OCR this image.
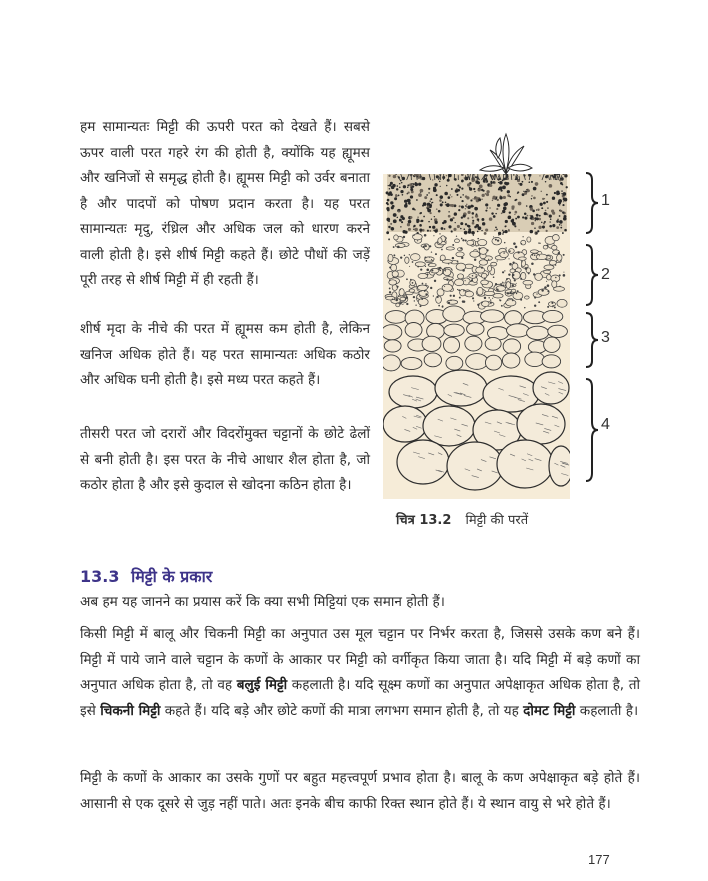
हम सामान्यतः मिट्टी की ऊपरी परत को देखते हैं। सबसे ऊपर वाली परत गहरे रंग की होती है, क्योंकि यह ह्यूमस और खनिजों से समृद्ध होती है। ह्यूमस मिट्टी को उर्वर बनाता है और पादपों को पोषण प्रदान करता है। यह परत सामान्यतः मृदु, रंध्रिल और अधिक जल को धारण करने वाली होती है। इसे शीर्ष मिट्टी कहते हैं। छोटे पौधों की जड़ें पूरी तरह से शीर्ष मिट्टी में ही रहती हैं।

शीर्ष मृदा के नीचे की परत में ह्यूमस कम होती है, लेकिन खनिज अधिक होते हैं। यह परत सामान्यतः अधिक कठोर और अधिक घनी होती है। इसे मध्य परत कहते हैं।

तीसरी परत जो दरारों और विदरोंमुक्त चट्टानों के छोटे ढेलों से बनी होती है। इस परत के नीचे आधार शैल होता है, जो कठोर होता है और इसे कुदाल से खोदना कठिन होता है।

1
2
3
4
चित्र 13.2 मिट्टी की परतें
13.3 मिट्टी के प्रकार

अब हम यह जानने का प्रयास करें कि क्या सभी मिट्टियां एक समान होती हैं।

किसी मिट्टी में बालू और चिकनी मिट्टी का अनुपात उस मूल चट्टान पर निर्भर करता है, जिससे उसके कण बने हैं। मिट्टी में पाये जाने वाले चट्टान के कणों के आकार पर मिट्टी को वर्गीकृत किया जाता है। यदि मिट्टी में बड़े कणों का अनुपात अधिक होता है, तो वह बलुई मिट्टी कहलाती है। यदि सूक्ष्म कणों का अनुपात अपेक्षाकृत अधिक होता है, तो इसे चिकनी मिट्टी कहते हैं। यदि बड़े और छोटे कणों की मात्रा लगभग समान होती है, तो यह दोमट मिट्टी कहलाती है।

मिट्टी के कणों के आकार का उसके गुणों पर बहुत महत्त्वपूर्ण प्रभाव होता है। बालू के कण अपेक्षाकृत बड़े होते हैं। आसानी से एक दूसरे से जुड़ नहीं पाते। अतः इनके बीच काफी रिक्त स्थान होते हैं। ये स्थान वायु से भरे होते हैं।

177
